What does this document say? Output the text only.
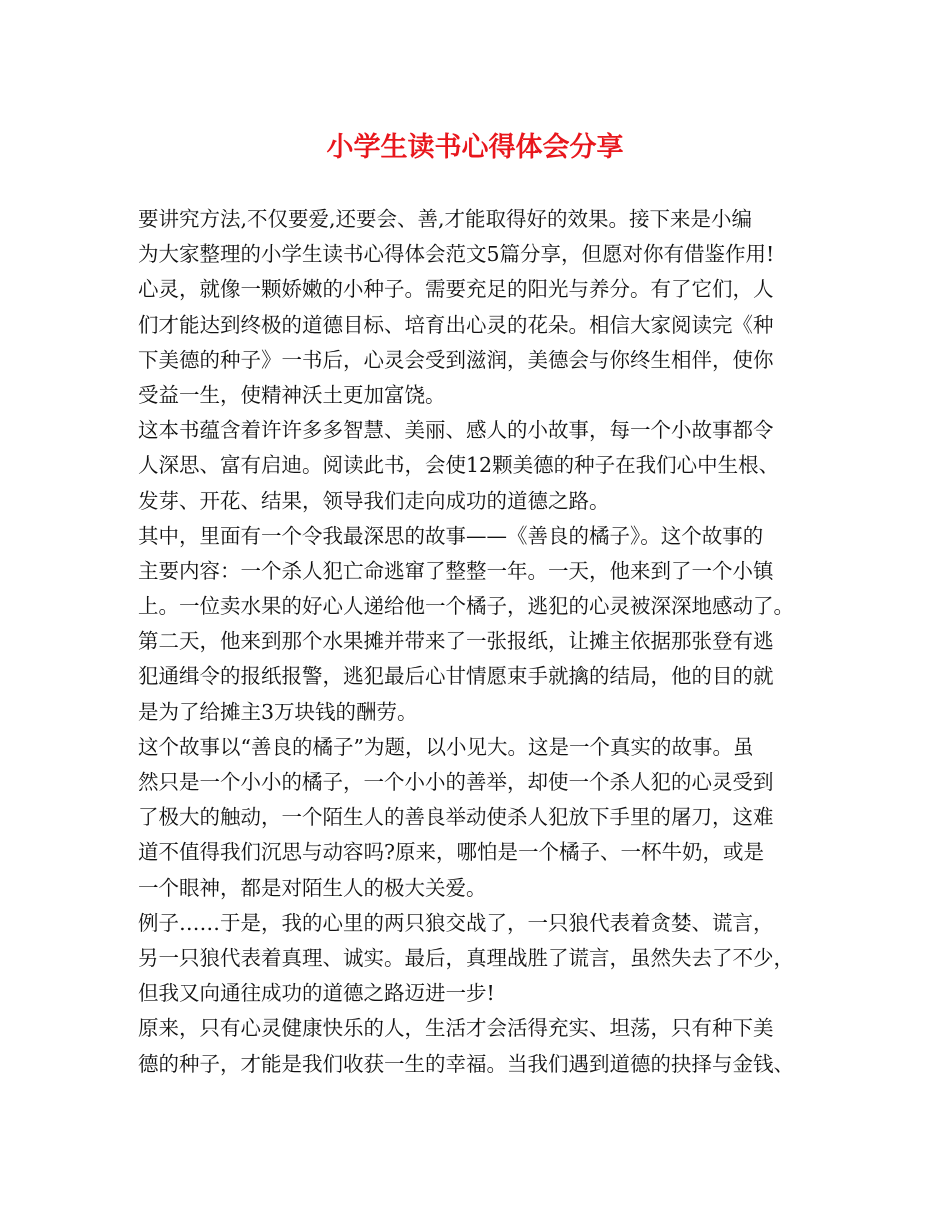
小学生读书心得体会分享
要讲究方法,不仅要爱,还要会、善,才能取得好的效果。接下来是小编
为大家整理的小学生读书心得体会范文5篇分享，但愿对你有借鉴作用!
心灵，就像一颗娇嫩的小种子。需要充足的阳光与养分。有了它们，人
们才能达到终极的道德目标、培育出心灵的花朵。相信大家阅读完《种
下美德的种子》一书后，心灵会受到滋润，美德会与你终生相伴，使你
受益一生，使精神沃土更加富饶。
这本书蕴含着许许多多智慧、美丽、感人的小故事，每一个小故事都令
人深思、富有启迪。阅读此书，会使12颗美德的种子在我们心中生根、
发芽、开花、结果，领导我们走向成功的道德之路。
其中，里面有一个令我最深思的故事——《善良的橘子》。这个故事的
主要内容：一个杀人犯亡命逃窜了整整一年。一天，他来到了一个小镇
上。一位卖水果的好心人递给他一个橘子，逃犯的心灵被深深地感动了。
第二天，他来到那个水果摊并带来了一张报纸，让摊主依据那张登有逃
犯通缉令的报纸报警，逃犯最后心甘情愿束手就擒的结局，他的目的就
是为了给摊主3万块钱的酬劳。
这个故事以“善良的橘子”为题，以小见大。这是一个真实的故事。虽
然只是一个小小的橘子，一个小小的善举，却使一个杀人犯的心灵受到
了极大的触动，一个陌生人的善良举动使杀人犯放下手里的屠刀，这难
道不值得我们沉思与动容吗?原来，哪怕是一个橘子、一杯牛奶，或是
一个眼神，都是对陌生人的极大关爱。
例子……于是，我的心里的两只狼交战了，一只狼代表着贪婪、谎言，
另一只狼代表着真理、诚实。最后，真理战胜了谎言，虽然失去了不少，
但我又向通往成功的道德之路迈进一步!
原来，只有心灵健康快乐的人，生活才会活得充实、坦荡，只有种下美
德的种子，才能是我们收获一生的幸福。当我们遇到道德的抉择与金钱、
